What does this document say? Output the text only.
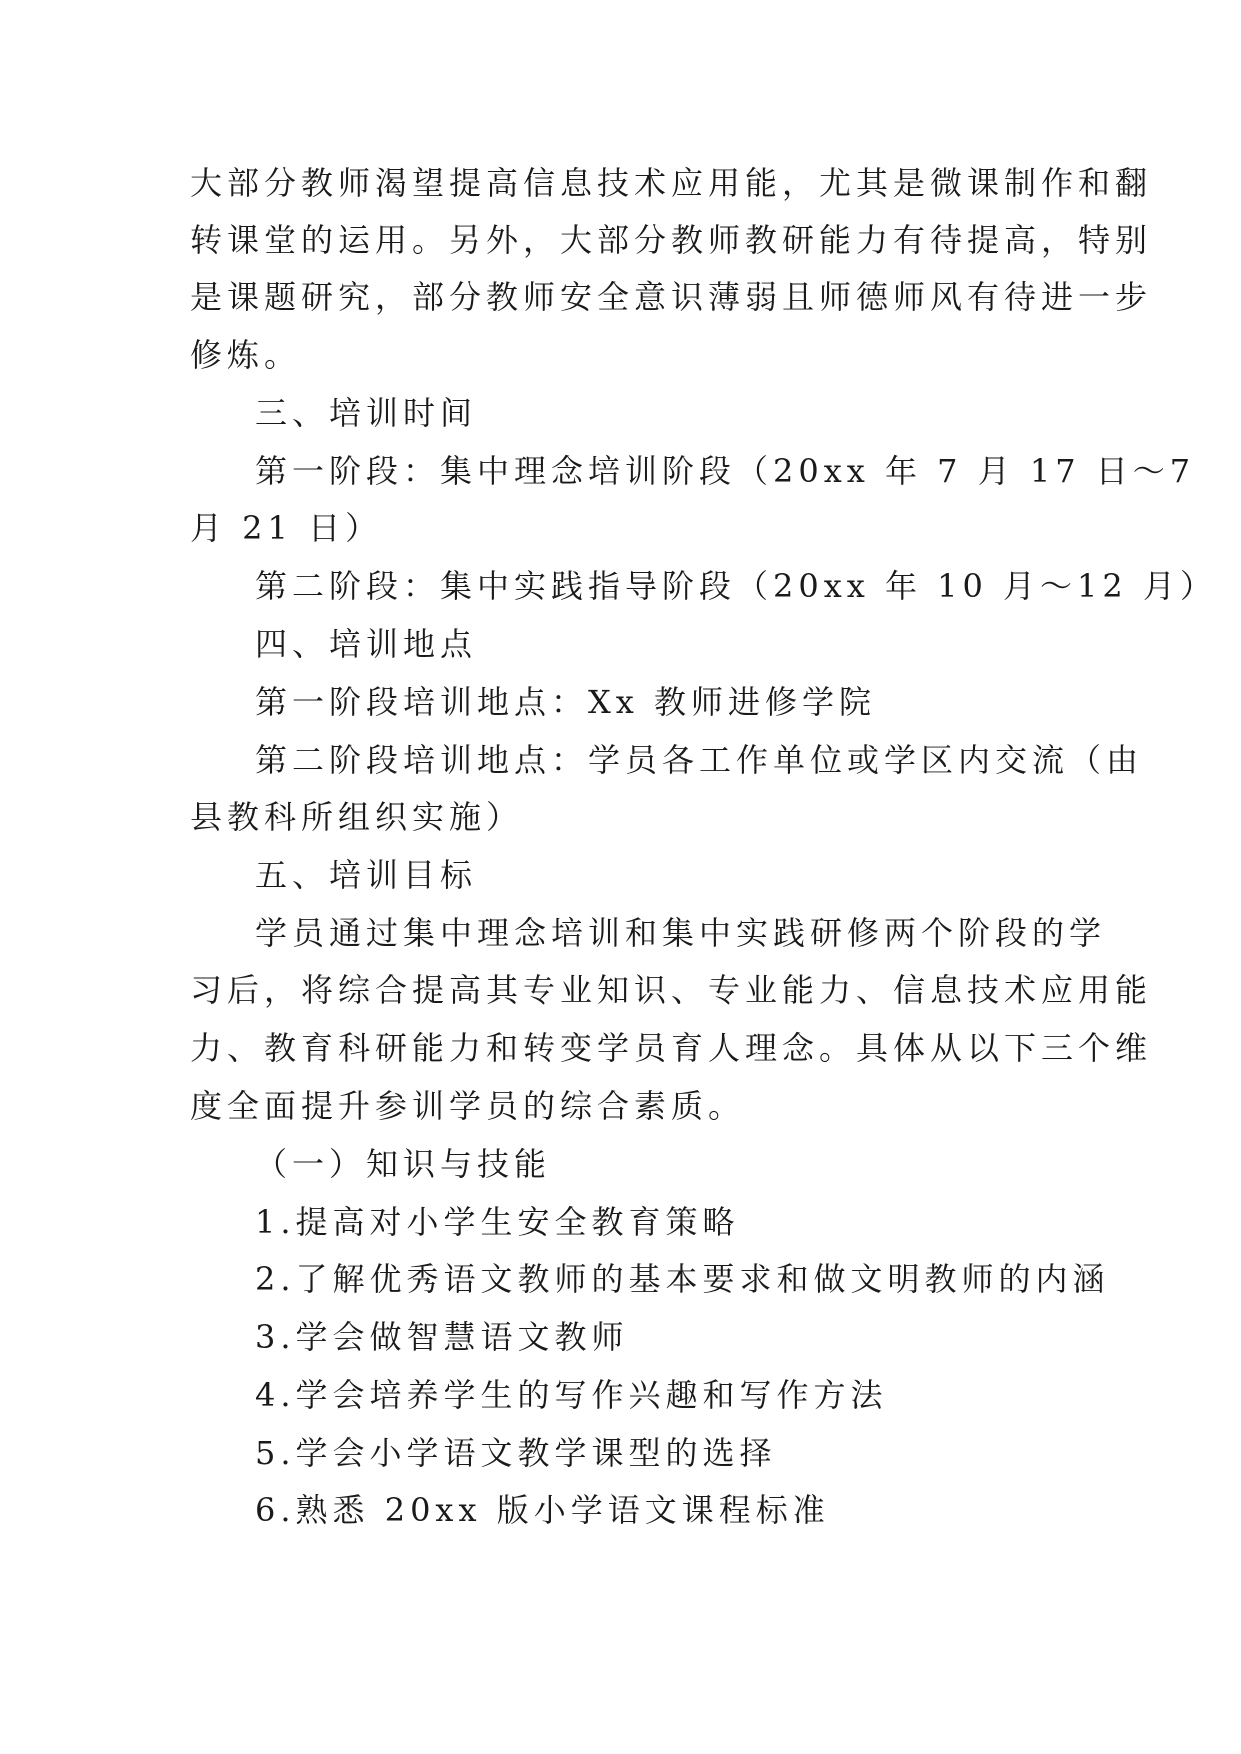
大部分教师渴望提高信息技术应用能，尤其是微课制作和翻

转课堂的运用。另外，大部分教师教研能力有待提高，特别

是课题研究，部分教师安全意识薄弱且师德师风有待进一步

修炼。

三、培训时间

第一阶段：集中理念培训阶段（20xx 年 7 月 17 日～7

月 21 日）

第二阶段：集中实践指导阶段（20xx 年 10 月～12 月）

四、培训地点

第一阶段培训地点：Xx 教师进修学院

第二阶段培训地点：学员各工作单位或学区内交流（由

县教科所组织实施）

五、培训目标

学员通过集中理念培训和集中实践研修两个阶段的学

习后，将综合提高其专业知识、专业能力、信息技术应用能

力、教育科研能力和转变学员育人理念。具体从以下三个维

度全面提升参训学员的综合素质。

（一）知识与技能

1.提高对小学生安全教育策略

2.了解优秀语文教师的基本要求和做文明教师的内涵

3.学会做智慧语文教师

4.学会培养学生的写作兴趣和写作方法

5.学会小学语文教学课型的选择

6.熟悉 20xx 版小学语文课程标准
